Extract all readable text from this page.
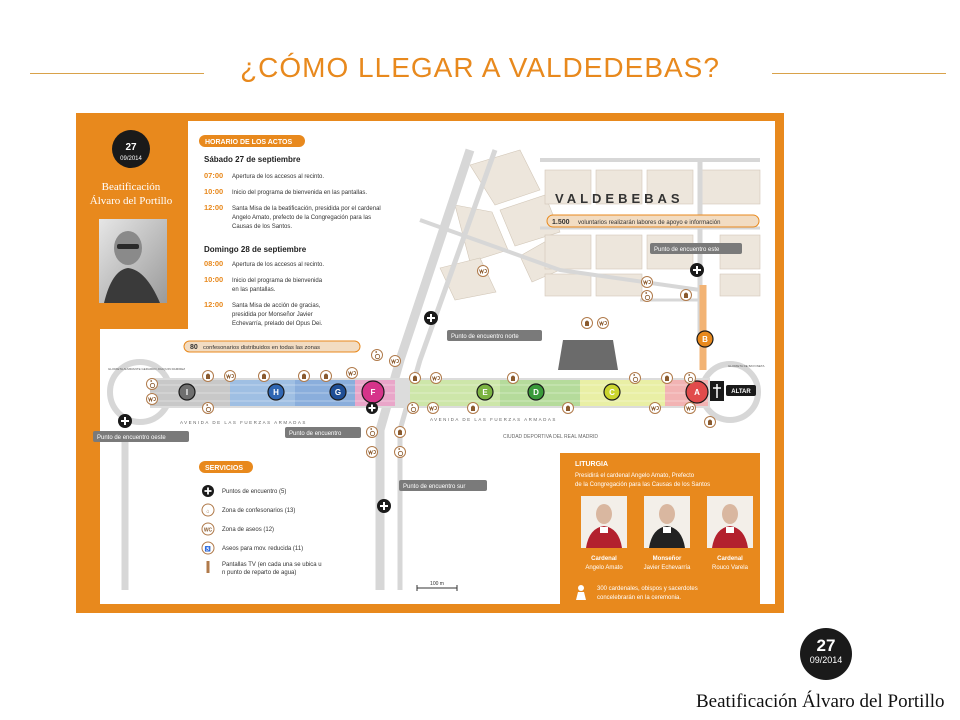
¿CÓMO LLEGAR A VALDEDEBAS?
27
09/2014
Beatificación
Álvaro del Portillo
HORARIO DE LOS ACTOS
Sábado 27 de septiembre
07:00 Apertura de los accesos al recinto.
10:00 Inicio del programa de bienvenida en las pantallas.
12:00 Santa Misa de la beatificación, presidida por el cardenal
Angelo Amato, prefecto de la Congregación para las
Causas de los Santos.
Domingo 28 de septiembre
08:00 Apertura de los accesos al recinto.
10:00 Inicio del programa de bienvenida
en las pantallas.
12:00 Santa Misa de acción de gracias,
presidida por Monseñor Javier
Echevarría, prelado del Opus Dei.
VALDEBEBAS
I	H	G	F	E	D	C	A
B
AVENIDA DE LAS FUERZAS ARMADAS
AVENIDA DE LAS FUERZAS ARMADAS
CIUDAD DEPORTIVA DEL REAL MADRID
GLORIETA ALMIRANTE GERARDO JOAQUIN RAMIREZ
GLORIETA DE BAYONETA
ALTAR
1.500 voluntarios realizarán labores de apoyo e información
80 confesonarios distribuidos en todas las zonas
Punto de encuentro este
Punto de encuentro norte
Punto de encuentro oeste
Punto de encuentro
Punto de encuentro sur
100 m
SERVICIOS
Puntos de encuentro (5)
⌂ Zona de confesonarios (13)
WC Zona de aseos (12)
♿ Aseos para mov. reducida (11)
Pantallas TV (en cada una se ubica u
n punto de reparto de agua)
LITURGIA
Presidirá el cardenal Angelo Amato, Prefecto
de la Congregación para las Causas de los Santos
Cardenal
Angelo Amato
Monseñor
Javier Echevarría
Cardenal
Rouco Varela
300 cardenales, obispos y sacerdotes
concelebrarán en la ceremonia.
27
09/2014
Beatificación Álvaro del Portillo
